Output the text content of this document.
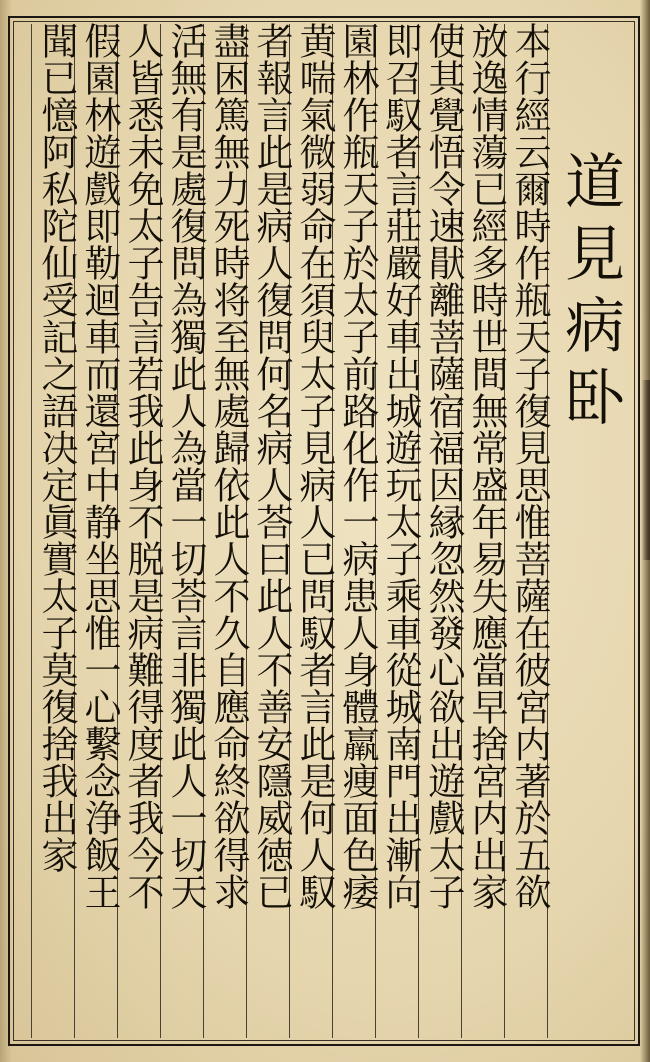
道見病卧
本行經云爾時作瓶天子復見思惟菩薩在彼宮内著於五欲
放逸情蕩已經多時世間無常盛年易失應當早捨宮内出家
使其覺悟令速猒離菩薩宿福因縁忽然發心欲出遊戲太子
即召馭者言莊嚴好車出城遊玩太子乘車從城南門出漸向
園林作瓶天子於太子前路化作一病患人身體羸痩面色痿
黄喘氣微弱命在須臾太子見病人已問馭者言此是何人馭
者報言此是病人復問何名病人荅曰此人不善安隱威徳已
盡困篤無力死時将至無處歸依此人不久自應命終欲得求
活無有是處復問為獨此人為當一切荅言非獨此人一切天
人皆悉未免太子告言若我此身不脱是病難得度者我今不
假園林遊戲即勒迴車而還宮中静坐思惟一心繫念浄飯王
聞已憶阿私陀仙受記之語决定眞實太子莫復捨我出家
